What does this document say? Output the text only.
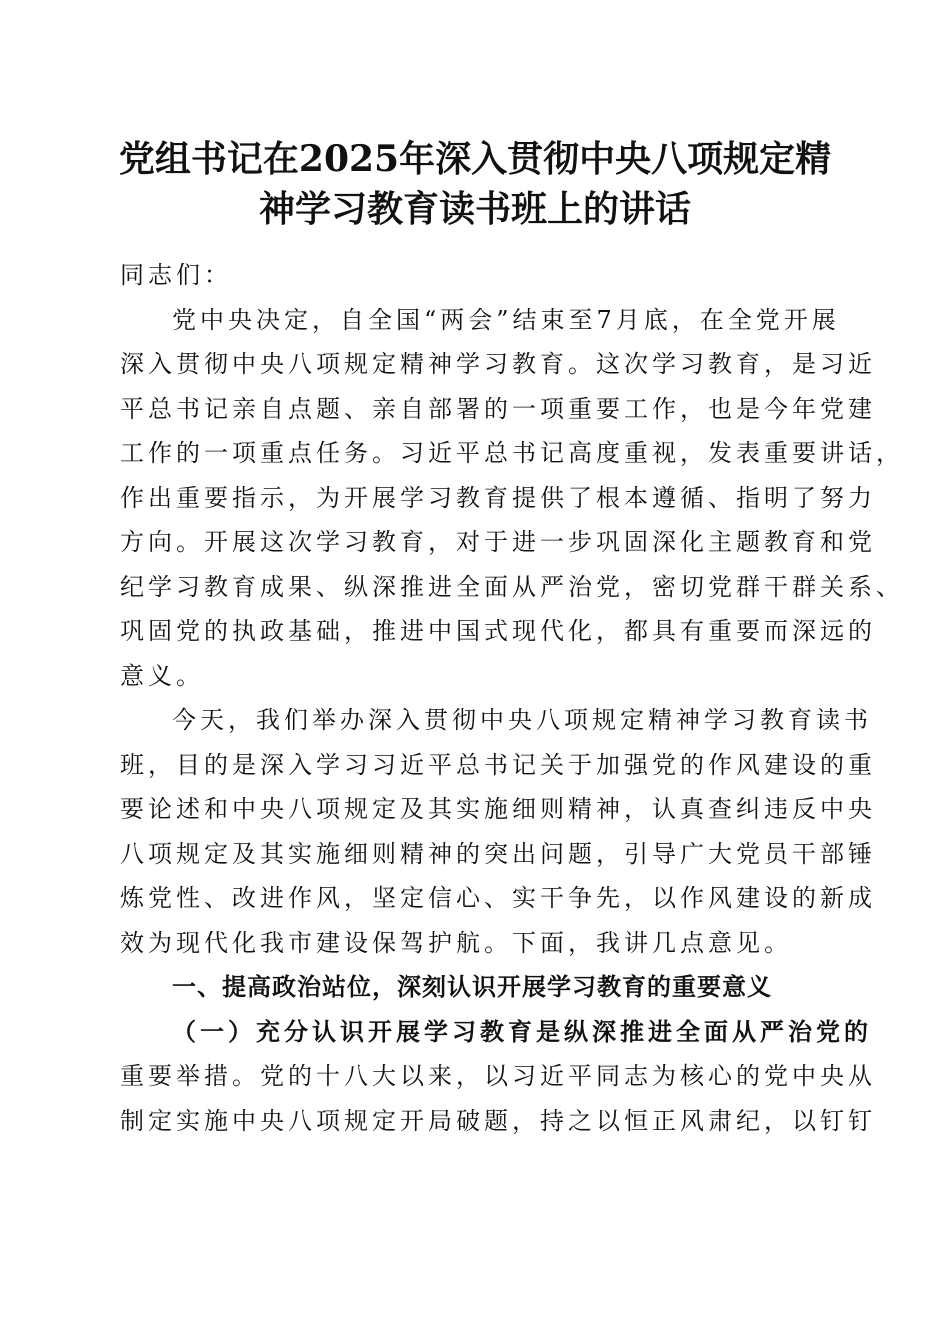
党组书记在2025年深入贯彻中央八项规定精
神学习教育读书班上的讲话
同志们：
党中央决定，自全国“两会”结束至7月底，在全党开展
深入贯彻中央八项规定精神学习教育。这次学习教育，是习近
平总书记亲自点题、亲自部署的一项重要工作，也是今年党建
工作的一项重点任务。习近平总书记高度重视，发表重要讲话，
作出重要指示，为开展学习教育提供了根本遵循、指明了努力
方向。开展这次学习教育，对于进一步巩固深化主题教育和党
纪学习教育成果、纵深推进全面从严治党，密切党群干群关系、
巩固党的执政基础，推进中国式现代化，都具有重要而深远的
意义。
今天，我们举办深入贯彻中央八项规定精神学习教育读书
班，目的是深入学习习近平总书记关于加强党的作风建设的重
要论述和中央八项规定及其实施细则精神，认真查纠违反中央
八项规定及其实施细则精神的突出问题，引导广大党员干部锤
炼党性、改进作风，坚定信心、实干争先，以作风建设的新成
效为现代化我市建设保驾护航。下面，我讲几点意见。
一、提高政治站位，深刻认识开展学习教育的重要意义
（一）充分认识开展学习教育是纵深推进全面从严治党的
重要举措。党的十八大以来，以习近平同志为核心的党中央从
制定实施中央八项规定开局破题，持之以恒正风肃纪，以钉钉
